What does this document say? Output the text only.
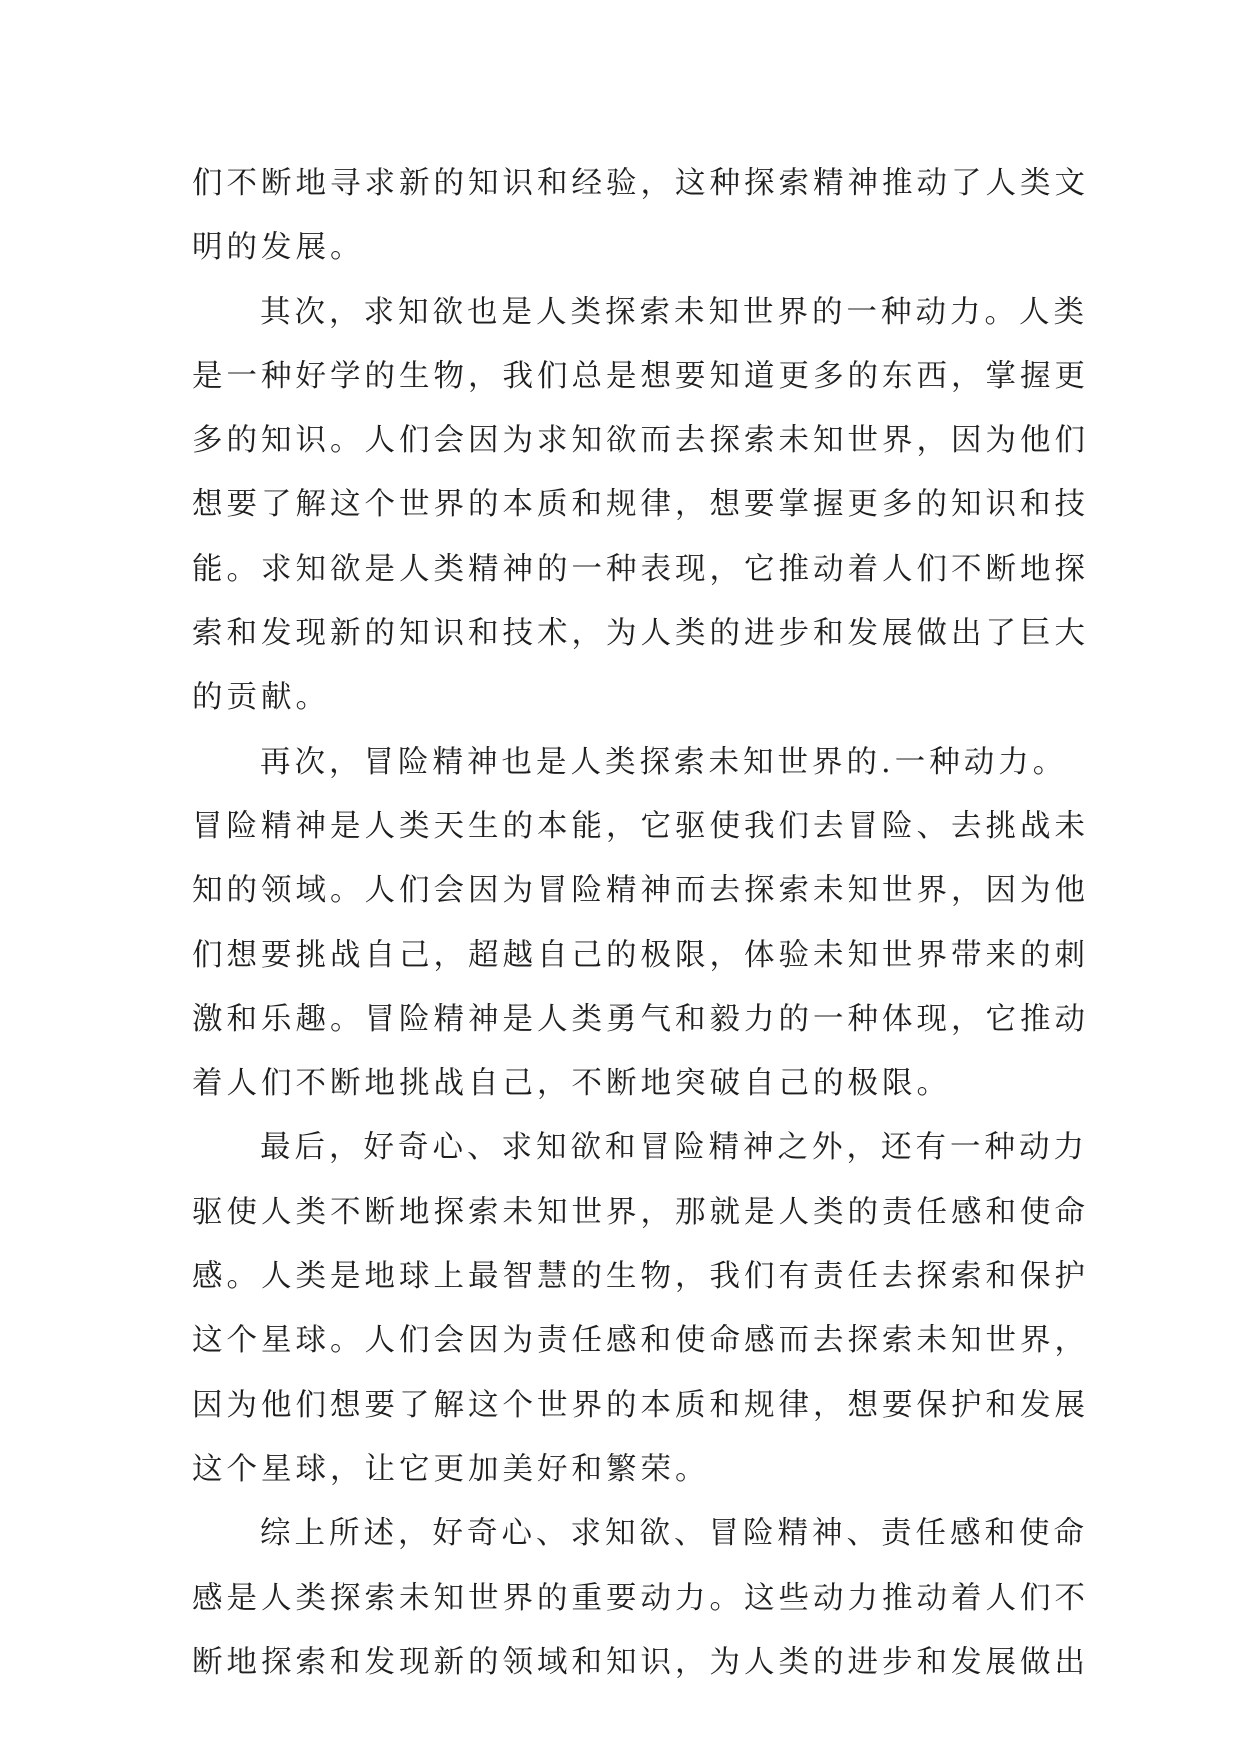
们不断地寻求新的知识和经验，这种探索精神推动了人类文
明的发展。
其次，求知欲也是人类探索未知世界的一种动力。人类
是一种好学的生物，我们总是想要知道更多的东西，掌握更
多的知识。人们会因为求知欲而去探索未知世界，因为他们
想要了解这个世界的本质和规律，想要掌握更多的知识和技
能。求知欲是人类精神的一种表现，它推动着人们不断地探
索和发现新的知识和技术，为人类的进步和发展做出了巨大
的贡献。
再次，冒险精神也是人类探索未知世界的.一种动力。
冒险精神是人类天生的本能，它驱使我们去冒险、去挑战未
知的领域。人们会因为冒险精神而去探索未知世界，因为他
们想要挑战自己，超越自己的极限，体验未知世界带来的刺
激和乐趣。冒险精神是人类勇气和毅力的一种体现，它推动
着人们不断地挑战自己，不断地突破自己的极限。
最后，好奇心、求知欲和冒险精神之外，还有一种动力
驱使人类不断地探索未知世界，那就是人类的责任感和使命
感。人类是地球上最智慧的生物，我们有责任去探索和保护
这个星球。人们会因为责任感和使命感而去探索未知世界，
因为他们想要了解这个世界的本质和规律，想要保护和发展
这个星球，让它更加美好和繁荣。
综上所述，好奇心、求知欲、冒险精神、责任感和使命
感是人类探索未知世界的重要动力。这些动力推动着人们不
断地探索和发现新的领域和知识，为人类的进步和发展做出
